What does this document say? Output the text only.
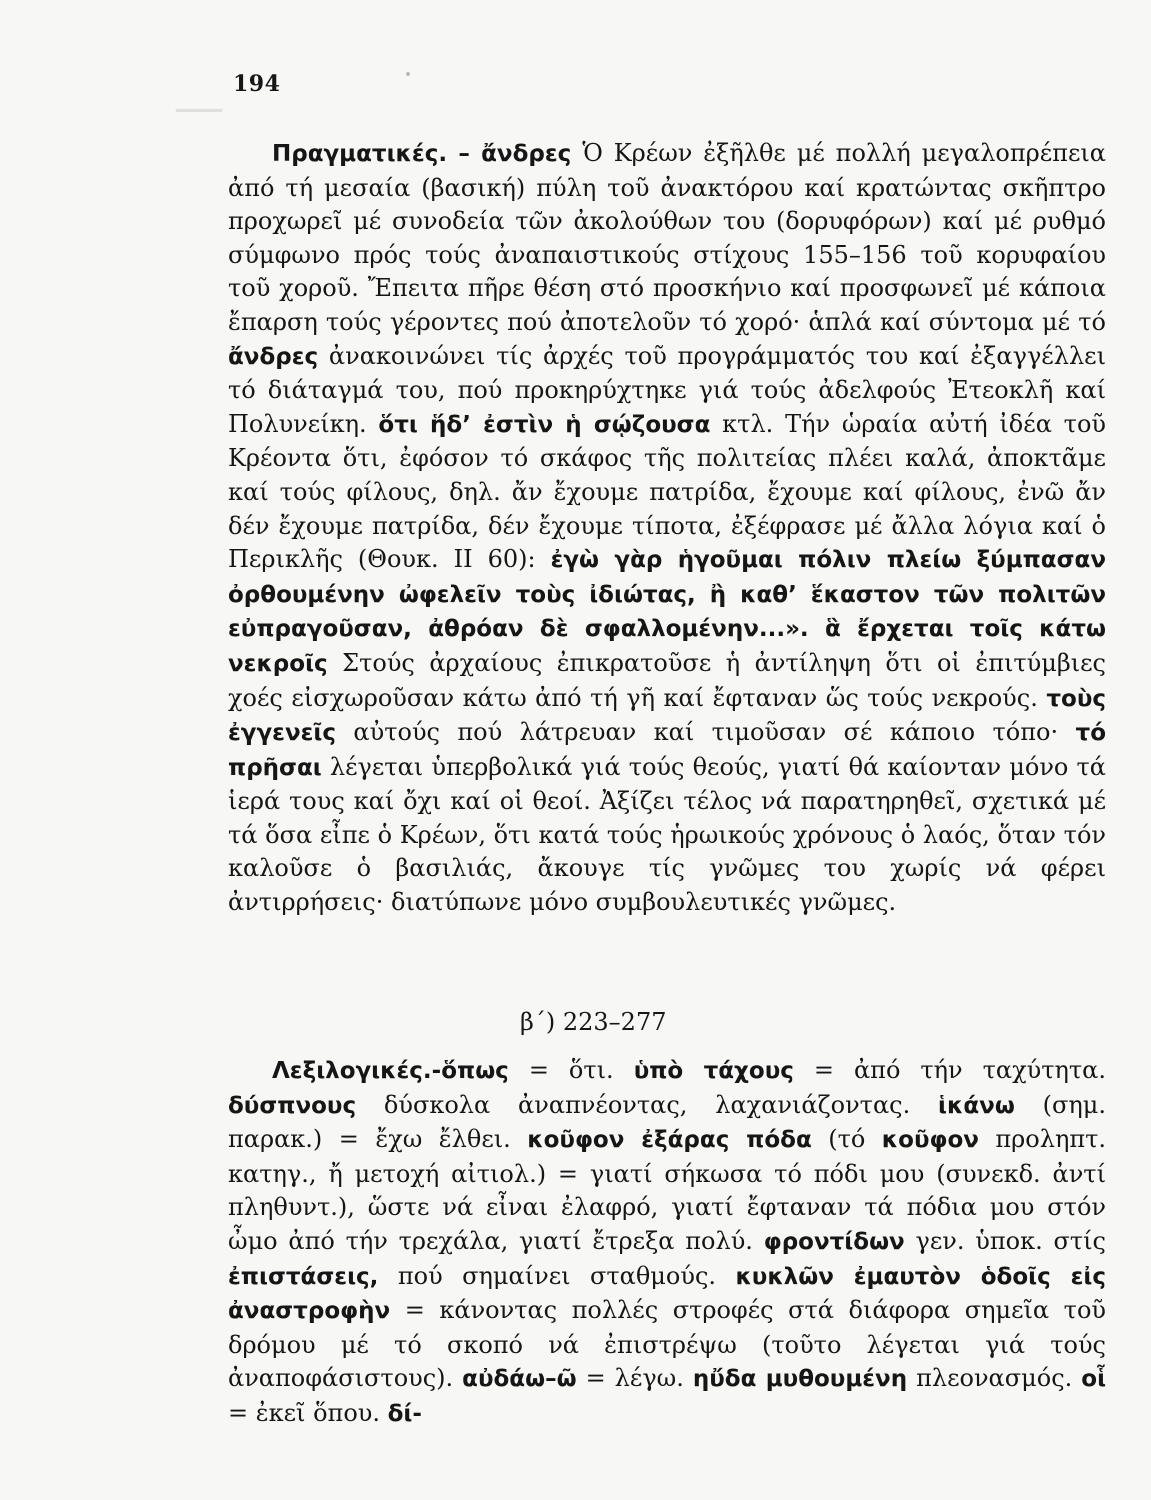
▁▁▁
194
Πραγματικές. – ἄνδρες Ὁ Κρέων ἐξῆλθε μέ πολλή μεγαλοπρέπεια ἀπό τή μεσαία (βασική) πύλη τοῦ ἀνακτόρου καί κρατώντας σκῆπτρο προχωρεῖ μέ συνοδεία τῶν ἀκολούθων του (δορυφόρων) καί μέ ρυθμό σύμφωνο πρός τούς ἀναπαιστικούς στίχους 155–156 τοῦ κορυφαίου τοῦ χοροῦ. Ἔπειτα πῆρε θέση στό προσκήνιο καί προσφωνεῖ μέ κάποια ἔπαρση τούς γέροντες πού ἀποτελοῦν τό χορό· ἁπλά καί σύντομα μέ τό ἄνδρες ἀνακοινώνει τίς ἀρχές τοῦ προγράμματός του καί ἐξαγγέλλει τό διάταγμά του, πού προκηρύχτηκε γιά τούς ἀδελφούς Ἐτεοκλῆ καί Πολυνείκη. ὅτι ἥδ’ ἐστὶν ἡ σῴζουσα κτλ. Τήν ὡραία αὐτή ἰδέα τοῦ Κρέοντα ὅτι, ἐφόσον τό σκάφος τῆς πολιτείας πλέει καλά, ἀποκτᾶμε καί τούς φίλους, δηλ. ἄν ἔχουμε πατρίδα, ἔχουμε καί φίλους, ἐνῶ ἄν δέν ἔχουμε πατρίδα, δέν ἔχουμε τίποτα, ἐξέφρασε μέ ἄλλα λόγια καί ὁ Περικλῆς (Θουκ. ΙΙ 60): ἐγὼ γὰρ ἡγοῦμαι πόλιν πλείω ξύμπασαν ὀρθουμένην ὠφελεῖν τοὺς ἰδιώτας, ἢ καθ’ ἕκαστον τῶν πολιτῶν εὐπραγοῦσαν, ἀθρόαν δὲ σφαλλομένην...». ἃ ἔρχεται τοῖς κάτω νεκροῖς Στούς ἀρχαίους ἐπικρατοῦσε ἡ ἀντίληψη ὅτι οἱ ἐπιτύμβιες χοές εἰσχωροῦσαν κάτω ἀπό τή γῆ καί ἔφταναν ὥς τούς νεκρούς. τοὺς ἐγγενεῖς αὐτούς πού λάτρευαν καί τιμοῦσαν σέ κάποιο τόπο· τό πρῆσαι λέγεται ὑπερβολικά γιά τούς θεούς, γιατί θά καίονταν μόνο τά ἱερά τους καί ὄχι καί οἱ θεοί. Ἀξίζει τέλος νά παρατηρηθεῖ, σχετικά μέ τά ὅσα εἶπε ὁ Κρέων, ὅτι κατά τούς ἡρωικούς χρόνους ὁ λαός, ὅταν τόν καλοῦσε ὁ βασιλιάς, ἄκουγε τίς γνῶμες του χωρίς νά φέρει ἀντιρρήσεις· διατύπωνε μόνο συμβουλευτικές γνῶμες.
β΄) 223–277
Λεξιλογικές.-ὅπως = ὅτι. ὑπὸ τάχους = ἀπό τήν ταχύτητα. δύσπνους δύσκολα ἀναπνέοντας, λαχανιάζοντας. ἱκάνω (σημ. παρακ.) = ἔχω ἔλθει. κοῦφον ἐξάρας πόδα (τό κοῦφον προληπτ. κατηγ., ἤ μετοχή αἰτιολ.) = γιατί σήκωσα τό πόδι μου (συνεκδ. ἀντί πληθυντ.), ὥστε νά εἶναι ἐλαφρό, γιατί ἔφταναν τά πόδια μου στόν ὦμο ἀπό τήν τρεχάλα, γιατί ἔτρεξα πολύ. φροντίδων γεν. ὑποκ. στίς ἐπιστάσεις, πού σημαίνει σταθμούς. κυκλῶν ἐμαυτὸν ὁδοῖς εἰς ἀναστροφὴν = κάνοντας πολλές στροφές στά διάφορα σημεῖα τοῦ δρόμου μέ τό σκοπό νά ἐπιστρέψω (τοῦτο λέγεται γιά τούς ἀναποφάσιστους). αὐδάω–ῶ = λέγω. ηὔδα μυθουμένη πλεονασμός. οἷ = ἐκεῖ ὅπου. δί-
